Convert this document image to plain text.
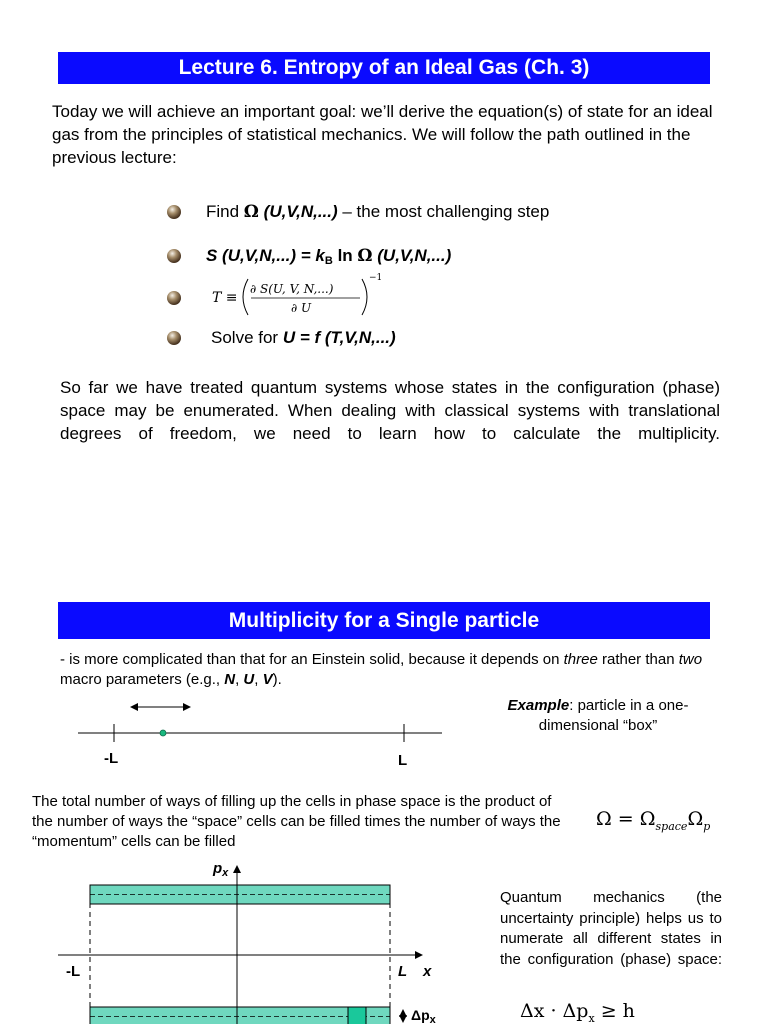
Lecture 6. Entropy of an Ideal Gas (Ch. 3)

Today we will achieve an important goal: we’ll derive the equation(s) of state for an ideal gas from the principles of statistical mechanics. We will follow the path outlined in the previous lecture:

Find Ω (U,V,N,...) – the most challenging step
S $(U,V,N,...) = k_B$ ln Ω (U,V,N,...)
T ≡
∂ S(U, V, N,...)
∂ U
−1
Solve for U = f (T,V,N,...)

So far we have treated quantum systems whose states in the configuration (phase) space may be enumerated. When dealing with classical systems with translational degrees of freedom, we need to learn how to calculate the multiplicity.

Multiplicity for a Single particle

- is more complicated than that for an Einstein solid, because it depends on three rather than two macro parameters (e.g., N, U, V).

Example: particle in a one-dimensional “box”
-L	L

The total number of ways of filling up the cells in phase space is the product of the number of ways the “space” cells can be filled times the number of ways the “momentum” cells can be filled

$\Omega = \Omega_{space}\Omega_p$
$p_x$
-L	L x
$\Delta p_x$

Quantum mechanics (the uncertainty principle) helps us to numerate all different states in the configuration (phase) space:

$\Delta x \cdot \Delta p_x \ge h$
